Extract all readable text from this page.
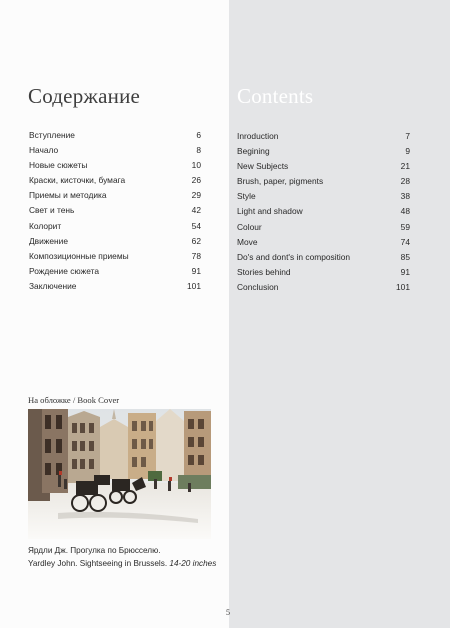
Содержание	Contents
Вступление	6
Начало	8
Новые сюжеты	10
Краски, кисточки, бумага	26
Приемы и методика	29
Свет и тень	42
Колорит	54
Движение	62
Композиционные приемы	78
Рождение сюжета	91
Заключение	101
Inroduction	7
Begining	9
New Subjects	21
Brush, paper, pigments	28
Style	38
Light and shadow	48
Colour	59
Move	74
Do's and dont's in composition	85
Stories behind	91
Conclusion	101
На обложке / Book Cover
Ярдли Дж. Прогулка по Брюсселю.
Yardley John. Sightseeing in Brussels. 14-20 inches
5
